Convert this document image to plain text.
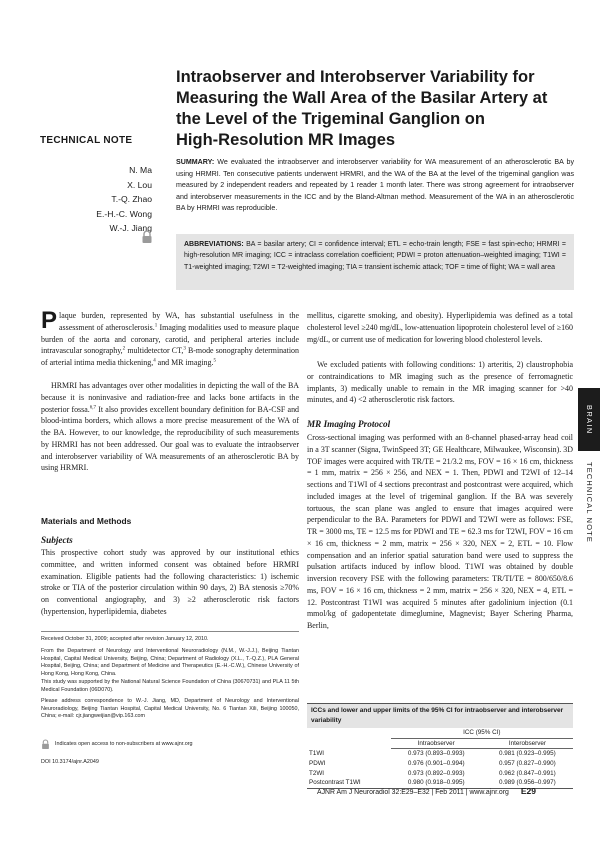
Intraobserver and Interobserver Variability for
Measuring the Wall Area of the Basilar Artery at
the Level of the Trigeminal Ganglion on
High-Resolution MR Images
TECHNICAL NOTE
N. Ma
X. Lou
T.-Q. Zhao
E.-H.-C. Wong
W.-J. Jiang
SUMMARY: We evaluated the intraobserver and interobserver variability for WA measurement of an atherosclerotic BA by using HRMRI. Ten consecutive patients underwent HRMRI, and the WA of the BA at the level of the trigeminal ganglion was measured by 2 independent readers and repeated by 1 reader 1 month later. There was strong agreement for intraobserver and interobserver measurements in the ICC and by the Bland-Altman method. Measurement of the WA in an atherosclerotic BA by HRMRI was reproducible.
ABBREVIATIONS: BA = basilar artery; CI = confidence interval; ETL = echo-train length; FSE = fast spin-echo; HRMRI = high-resolution MR imaging; ICC = intraclass correlation coefficient; PDWI = proton attenuation–weighted imaging; T1WI = T1-weighted imaging; T2WI = T2-weighted imaging; TIA = transient ischemic attack; TOF = time of flight; WA = wall area

Plaque burden, represented by WA, has substantial usefulness in the assessment of atherosclerosis.$^1$ Imaging modalities used to measure plaque burden of the aorta and coronary, carotid, and peripheral arteries include intravascular sonography,$^2$ multidetector CT,$^3$ B-mode sonography determination of arterial intima media thickening,$^4$ and MR imaging.$^5$

HRMRI has advantages over other modalities in depicting the wall of the BA because it is noninvasive and radiation-free and lacks bone artifacts in the posterior fossa.$^{6,7}$ It also provides excellent boundary definition for BA-CSF and blood-intima borders, which allows a more precise measurement of the WA of the BA. However, to our knowledge, the reproducibility of such measurements by HRMRI has not been addressed. Our goal was to evaluate the intraobserver and interobserver variability of WA measurements of an atherosclerotic BA by using HRMRI.

Materials and Methods
Subjects

This prospective cohort study was approved by our institutional ethics committee, and written informed consent was obtained before HRMRI examination. Eligible patients had the following characteristics: 1) ischemic stroke or TIA of the posterior circulation within 90 days, 2) BA stenosis ≥70% on conventional angiography, and 3) ≥2 atherosclerotic risk factors (hypertension, hyperlipidemia, diabetes

Received October 31, 2009; accepted after revision January 12, 2010.
From the Department of Neurology and Interventional Neuroradiology (N.M., W.-J.J.), Beijing Tiantan Hospital, Capital Medical University, Beijing, China; Department of Radiology (X.L., T.-Q.Z.), PLA General Hospital, Beijing, China; and Department of Medicine and Therapeutics (E.-H.-C.W.), Chinese University of Hong Kong, Hong Kong, China.
This study was supported by the National Natural Science Foundation of China (30670731) and PLA 11 5th Medical Foundation (06D070).
Please address correspondence to W.-J. Jiang, MD, Department of Neurology and Interventional Neuroradiology, Beijing Tiantan Hospital, Capital Medical University, No. 6 Tiantan Xili, Beijing 100050, China; e-mail: cjr.jiangweijian@vip.163.com
Indicates open access to non-subscribers at www.ajnr.org
DOI 10.3174/ajnr.A2049

mellitus, cigarette smoking, and obesity). Hyperlipidemia was defined as a total cholesterol level ≥240 mg/dL, low-attenuation lipoprotein cholesterol level of ≥160 mg/dL, or current use of medication for lowering blood cholesterol levels.

We excluded patients with following conditions: 1) arteritis, 2) claustrophobia or contraindications to MR imaging such as the presence of ferromagnetic implants, 3) medically unable to remain in the MR imaging scanner for >40 minutes, and 4) <2 atherosclerotic risk factors.

MR Imaging Protocol

Cross-sectional imaging was performed with an 8-channel phased-array head coil in a 3T scanner (Signa, TwinSpeed 3T; GE Healthcare, Milwaukee, Wisconsin). 3D TOF images were acquired with TR/TE = 21/3.2 ms, FOV = 16 × 16 cm, thickness = 1 mm, matrix = 256 × 256, and NEX = 1. Then, PDWI and T2WI of 12–14 sections and T1WI of 4 sections precontrast and postcontrast were acquired, which included images at the level of trigeminal ganglion. If the BA was severely tortuous, the scan plane was angled to ensure that images acquired were perpendicular to the BA. Parameters for PDWI and T2WI were as follows: FSE, TR = 3000 ms, TE = 12.5 ms for PDWI and TE = 62.3 ms for T2WI, FOV = 16 cm × 16 cm, thickness = 2 mm, matrix = 256 × 320, NEX = 2, ETL = 10. Flow compensation and an inferior spatial saturation band were used to suppress the pulsation artifacts induced by inflow blood. T1WI was obtained by double inversion recovery FSE with the following parameters: TR/TI/TE = 800/650/8.6 ms, FOV = 16 × 16 cm, thickness = 2 mm, matrix = 256 × 320, NEX = 4, ETL = 12. Postcontrast T1WI was acquired 5 minutes after gadolinium injection (0.1 mmol/kg of gadopentetate dimeglumine, Magnevist; Bayer Schering Pharma, Berlin,

ICCs and lower and upper limits of the 95% CI for intraobserver and interobserver variability
	ICC (95% CI)	
	Intraobserver	Interobserver
T1WI	0.973 (0.893–0.993)	0.981 (0.923–0.995)
PDWI	0.976 (0.901–0.994)	0.957 (0.827–0.990)
T2WI	0.973 (0.892–0.993)	0.962 (0.847–0.991)
Postcontrast T1WI	0.980 (0.918–0.995)	0.989 (0.956–0.997)
BRAIN
TECHNICAL NOTE
AJNR Am J Neuroradiol 32:E29–E32 | Feb 2011 | www.ajnr.org E29
